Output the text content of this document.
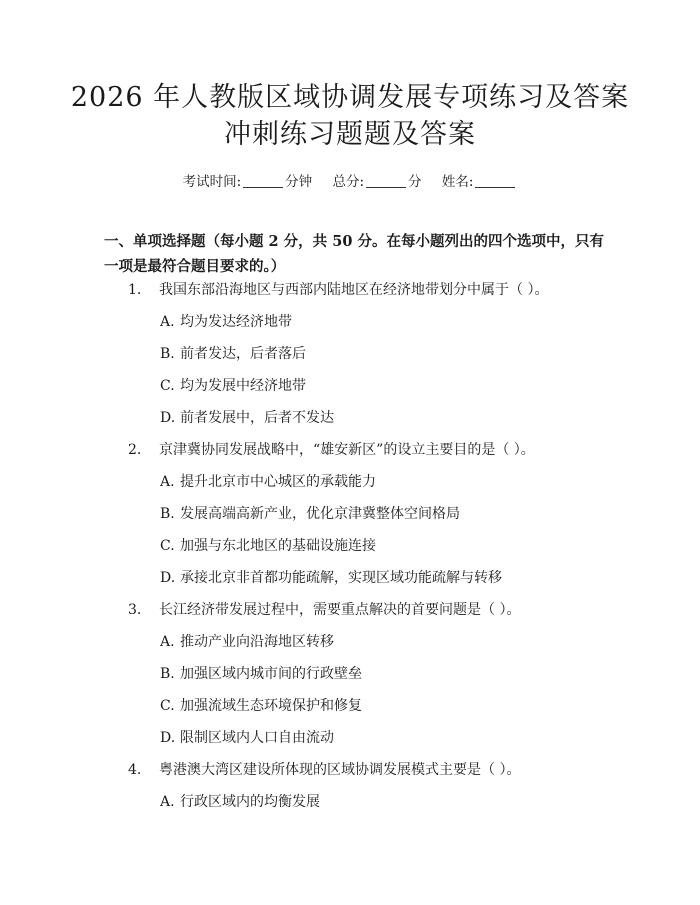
2026 年人教版区域协调发展专项练习及答案
冲刺练习题题及答案
考试时间:	分钟 总分:	分 姓名:
一、单项选择题（每小题 2 分，共 50 分。在每小题列出的四个选项中，只有一项是最符合题目要求的。）
1. 我国东部沿海地区与西部内陆地区在经济地带划分中属于（ ）。
A. 均为发达经济地带
B. 前者发达，后者落后
C. 均为发展中经济地带
D. 前者发展中，后者不发达
2. 京津冀协同发展战略中，“雄安新区”的设立主要目的是（ ）。
A. 提升北京市中心城区的承载能力
B. 发展高端高新产业，优化京津冀整体空间格局
C. 加强与东北地区的基础设施连接
D. 承接北京非首都功能疏解，实现区域功能疏解与转移
3. 长江经济带发展过程中，需要重点解决的首要问题是（ ）。
A. 推动产业向沿海地区转移
B. 加强区域内城市间的行政壁垒
C. 加强流域生态环境保护和修复
D. 限制区域内人口自由流动
4. 粤港澳大湾区建设所体现的区域协调发展模式主要是（ ）。
A. 行政区域内的均衡发展
